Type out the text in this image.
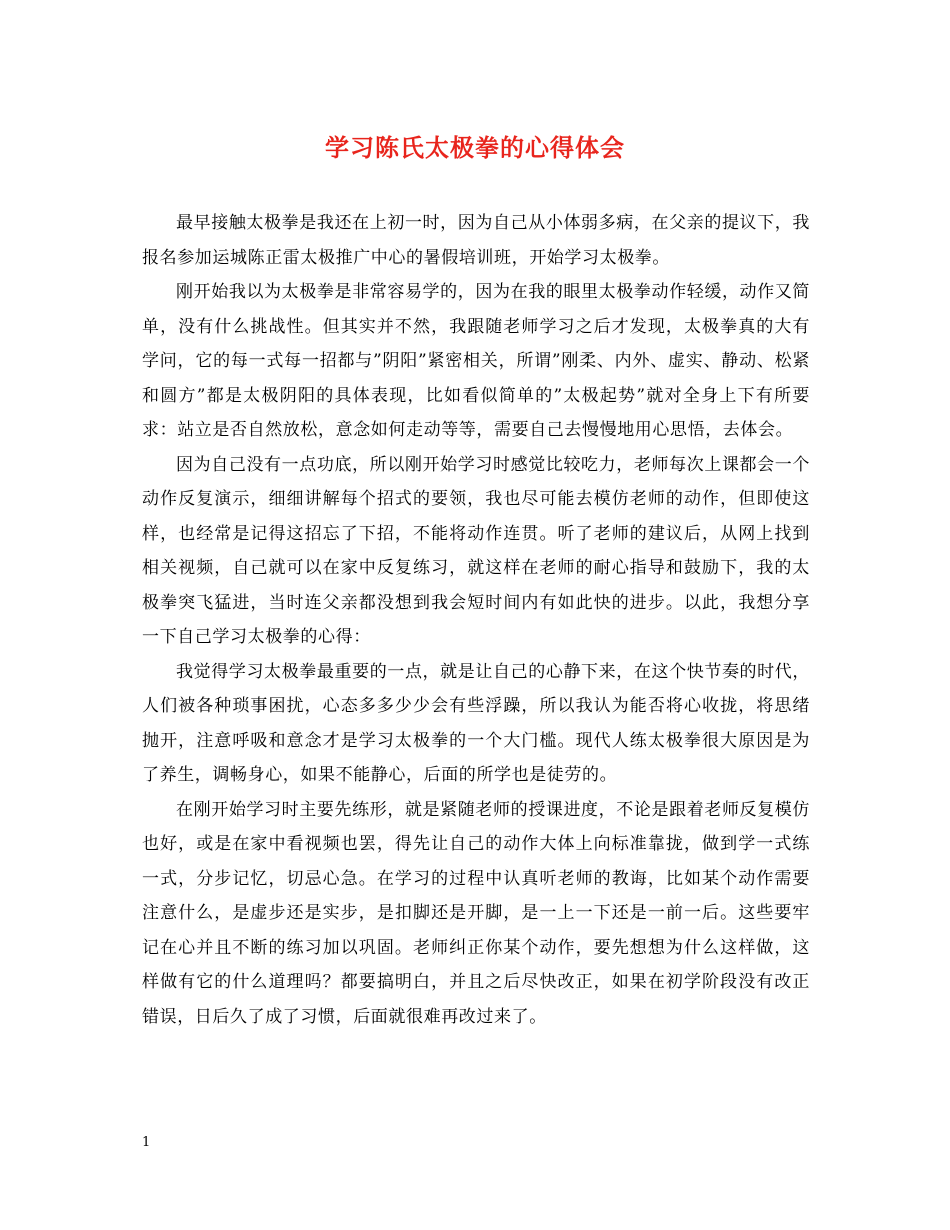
学习陈氏太极拳的心得体会

最早接触太极拳是我还在上初一时，因为自己从小体弱多病，在父亲的提议下，我报名参加运城陈正雷太极推广中心的暑假培训班，开始学习太极拳。

刚开始我以为太极拳是非常容易学的，因为在我的眼里太极拳动作轻缓，动作又简单，没有什么挑战性。但其实并不然，我跟随老师学习之后才发现，太极拳真的大有学问，它的每一式每一招都与”阴阳”紧密相关，所谓”刚柔、内外、虚实、静动、松紧和圆方”都是太极阴阳的具体表现，比如看似简单的”太极起势”就对全身上下有所要求：站立是否自然放松，意念如何走动等等，需要自己去慢慢地用心思悟，去体会。

因为自己没有一点功底，所以刚开始学习时感觉比较吃力，老师每次上课都会一个动作反复演示，细细讲解每个招式的要领，我也尽可能去模仿老师的动作，但即使这样，也经常是记得这招忘了下招，不能将动作连贯。听了老师的建议后，从网上找到相关视频，自己就可以在家中反复练习，就这样在老师的耐心指导和鼓励下，我的太极拳突飞猛进，当时连父亲都没想到我会短时间内有如此快的进步。以此，我想分享一下自己学习太极拳的心得：

我觉得学习太极拳最重要的一点，就是让自己的心静下来，在这个快节奏的时代，人们被各种琐事困扰，心态多多少少会有些浮躁，所以我认为能否将心收拢，将思绪抛开，注意呼吸和意念才是学习太极拳的一个大门槛。现代人练太极拳很大原因是为了养生，调畅身心，如果不能静心，后面的所学也是徒劳的。

在刚开始学习时主要先练形，就是紧随老师的授课进度，不论是跟着老师反复模仿也好，或是在家中看视频也罢，得先让自己的动作大体上向标准靠拢，做到学一式练一式，分步记忆，切忌心急。在学习的过程中认真听老师的教诲，比如某个动作需要注意什么，是虚步还是实步，是扣脚还是开脚，是一上一下还是一前一后。这些要牢记在心并且不断的练习加以巩固。老师纠正你某个动作，要先想想为什么这样做，这样做有它的什么道理吗？都要搞明白，并且之后尽快改正，如果在初学阶段没有改正错误，日后久了成了习惯，后面就很难再改过来了。

1
